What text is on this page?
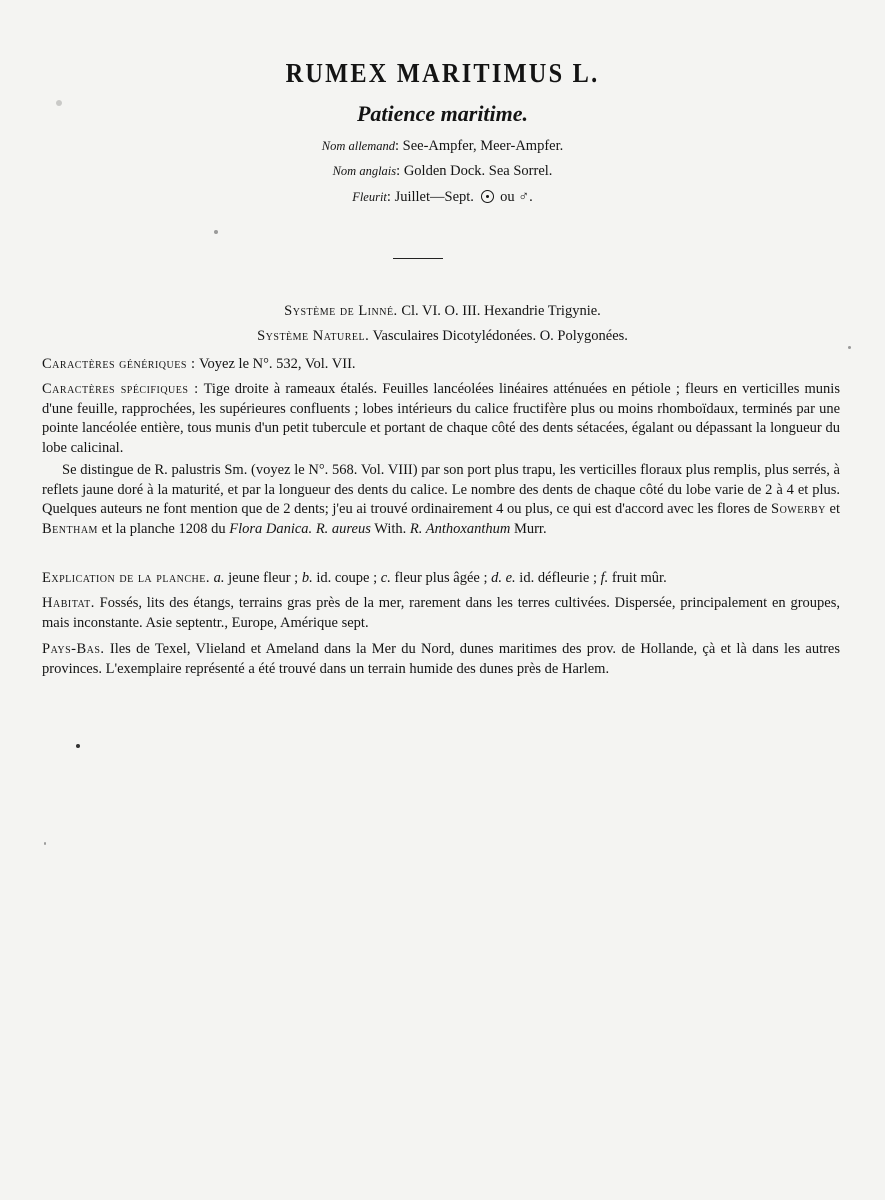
RUMEX MARITIMUS L.
Patience maritime.
Nom allemand: See-Ampfer, Meer-Ampfer.
Nom anglais: Golden Dock. Sea Sorrel.
Fleurit: Juillet—Sept. ou ♂.
Système de Linné. Cl. VI. O. III. Hexandrie Trigynie.
Système Naturel. Vasculaires Dicotylédonées. O. Polygonées.
Caractères génériques : Voyez le N°. 532, Vol. VII.
Caractères spécifiques : Tige droite à rameaux étalés. Feuilles lancéolées linéaires atténuées en pétiole ; fleurs en verticilles munis d'une feuille, rapprochées, les supérieures confluents ; lobes intérieurs du calice fructifère plus ou moins rhomboïdaux, terminés par une pointe lancéolée entière, tous munis d'un petit tubercule et portant de chaque côté des dents sétacées, égalant ou dépassant la longueur du lobe calicinal.
Se distingue de R. palustris Sm. (voyez le N°. 568. Vol. VIII) par son port plus trapu, les verticilles floraux plus remplis, plus serrés, à reflets jaune doré à la maturité, et par la longueur des dents du calice. Le nombre des dents de chaque côté du lobe varie de 2 à 4 et plus. Quelques auteurs ne font mention que de 2 dents; j'eu ai trouvé ordinairement 4 ou plus, ce qui est d'accord avec les flores de Sowerby et Bentham et la planche 1208 du Flora Danica. R. aureus With. R. Anthoxanthum Murr.
Explication de la planche. a. jeune fleur ; b. id. coupe ; c. fleur plus âgée ; d. e. id. défleurie ; f. fruit mûr.
Habitat. Fossés, lits des étangs, terrains gras près de la mer, rarement dans les terres cultivées. Dispersée, principalement en groupes, mais inconstante. Asie septentr., Europe, Amérique sept.
Pays-Bas. Iles de Texel, Vlieland et Ameland dans la Mer du Nord, dunes maritimes des prov. de Hollande, çà et là dans les autres provinces. L'exemplaire représenté a été trouvé dans un terrain humide des dunes près de Harlem.
